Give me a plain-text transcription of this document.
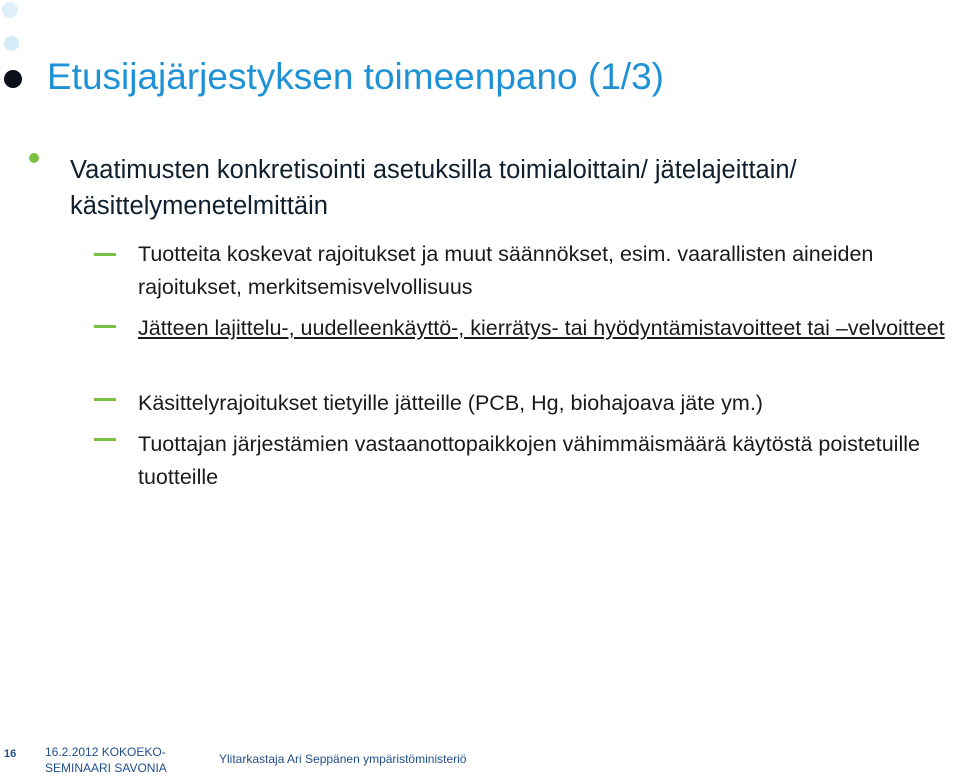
Etusijajärjestyksen toimeenpano (1/3)

Vaatimusten konkretisointi asetuksilla toimialoittain/ jätelajeittain/ käsittelymenetelmittäin

Tuotteita koskevat rajoitukset ja muut säännökset, esim. vaarallisten aineiden rajoitukset, merkitsemisvelvollisuus

Jätteen lajittelu-, uudelleenkäyttö-, kierrätys- tai hyödyntämistavoitteet tai –velvoitteet

Käsittelyrajoitukset tietyille jätteille (PCB, Hg, biohajoava jäte ym.)

Tuottajan järjestämien vastaanottopaikkojen vähimmäismäärä käytöstä poistetuille tuotteille

16 16.2.2012 KOKOEKO-SEMINAARI SAVONIA
Ylitarkastaja Ari Seppänen ympäristöministeriö
